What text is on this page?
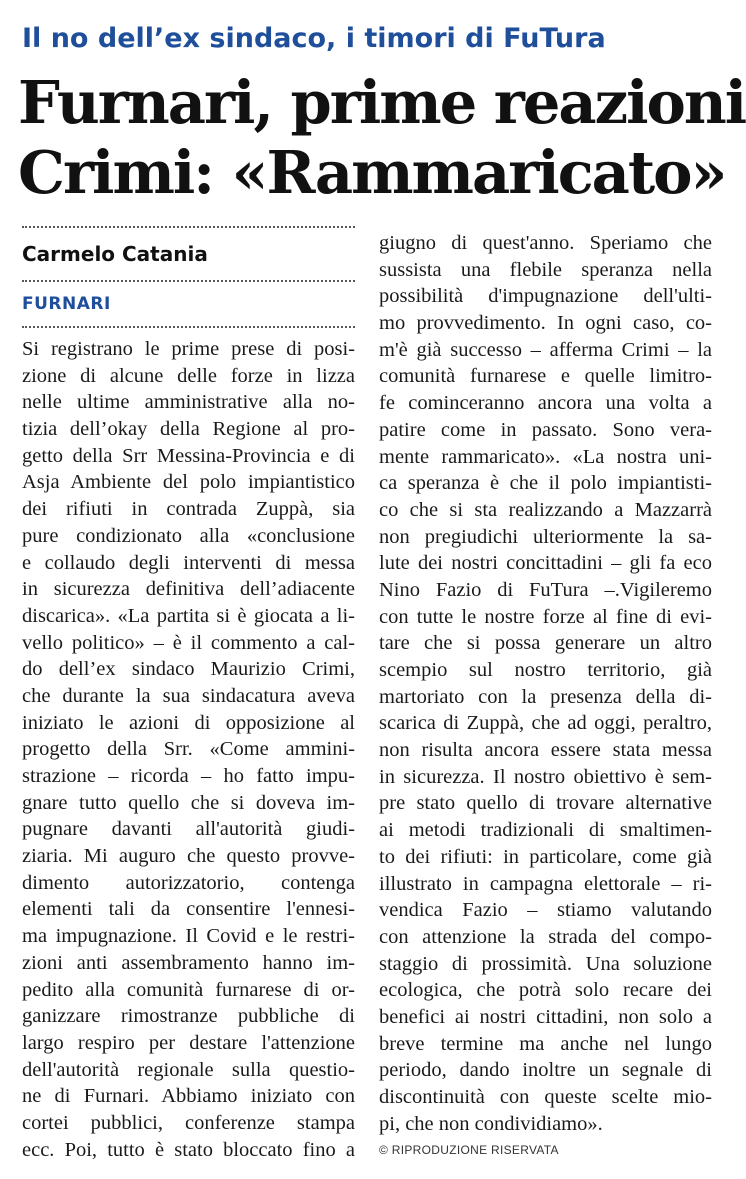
Il no dell’ex sindaco, i timori di FuTura
Furnari, prime reazioni
Crimi: «Rammaricato»
Carmelo Catania
FURNARI
Si registrano le prime prese di posi-
zione di alcune delle forze in lizza
nelle ultime amministrative alla no-
tizia dell’okay della Regione al pro-
getto della Srr Messina-Provincia e di
Asja Ambiente del polo impiantistico
dei rifiuti in contrada Zuppà, sia
pure condizionato alla «conclusione
e collaudo degli interventi di messa
in sicurezza definitiva dell’adiacente
discarica». «La partita si è giocata a li-
vello politico» – è il commento a cal-
do dell’ex sindaco Maurizio Crimi,
che durante la sua sindacatura aveva
iniziato le azioni di opposizione al
progetto della Srr. «Come ammini-
strazione – ricorda – ho fatto impu-
gnare tutto quello che si doveva im-
pugnare davanti all'autorità giudi-
ziaria. Mi auguro che questo provve-
dimento autorizzatorio, contenga
elementi tali da consentire l'ennesi-
ma impugnazione. Il Covid e le restri-
zioni anti assembramento hanno im-
pedito alla comunità furnarese di or-
ganizzare rimostranze pubbliche di
largo respiro per destare l'attenzione
dell'autorità regionale sulla questio-
ne di Furnari. Abbiamo iniziato con
cortei pubblici, conferenze stampa
ecc. Poi, tutto è stato bloccato fino a
giugno di quest'anno. Speriamo che
sussista una flebile speranza nella
possibilità d'impugnazione dell'ulti-
mo provvedimento. In ogni caso, co-
m'è già successo – afferma Crimi – la
comunità furnarese e quelle limitro-
fe cominceranno ancora una volta a
patire come in passato. Sono vera-
mente rammaricato». «La nostra uni-
ca speranza è che il polo impiantisti-
co che si sta realizzando a Mazzarrà
non pregiudichi ulteriormente la sa-
lute dei nostri concittadini – gli fa eco
Nino Fazio di FuTura –.Vigileremo
con tutte le nostre forze al fine di evi-
tare che si possa generare un altro
scempio sul nostro territorio, già
martoriato con la presenza della di-
scarica di Zuppà, che ad oggi, peraltro,
non risulta ancora essere stata messa
in sicurezza. Il nostro obiettivo è sem-
pre stato quello di trovare alternative
ai metodi tradizionali di smaltimen-
to dei rifiuti: in particolare, come già
illustrato in campagna elettorale – ri-
vendica Fazio – stiamo valutando
con attenzione la strada del compo-
staggio di prossimità. Una soluzione
ecologica, che potrà solo recare dei
benefici ai nostri cittadini, non solo a
breve termine ma anche nel lungo
periodo, dando inoltre un segnale di
discontinuità con queste scelte mio-
pi, che non condividiamo».
© RIPRODUZIONE RISERVATA
